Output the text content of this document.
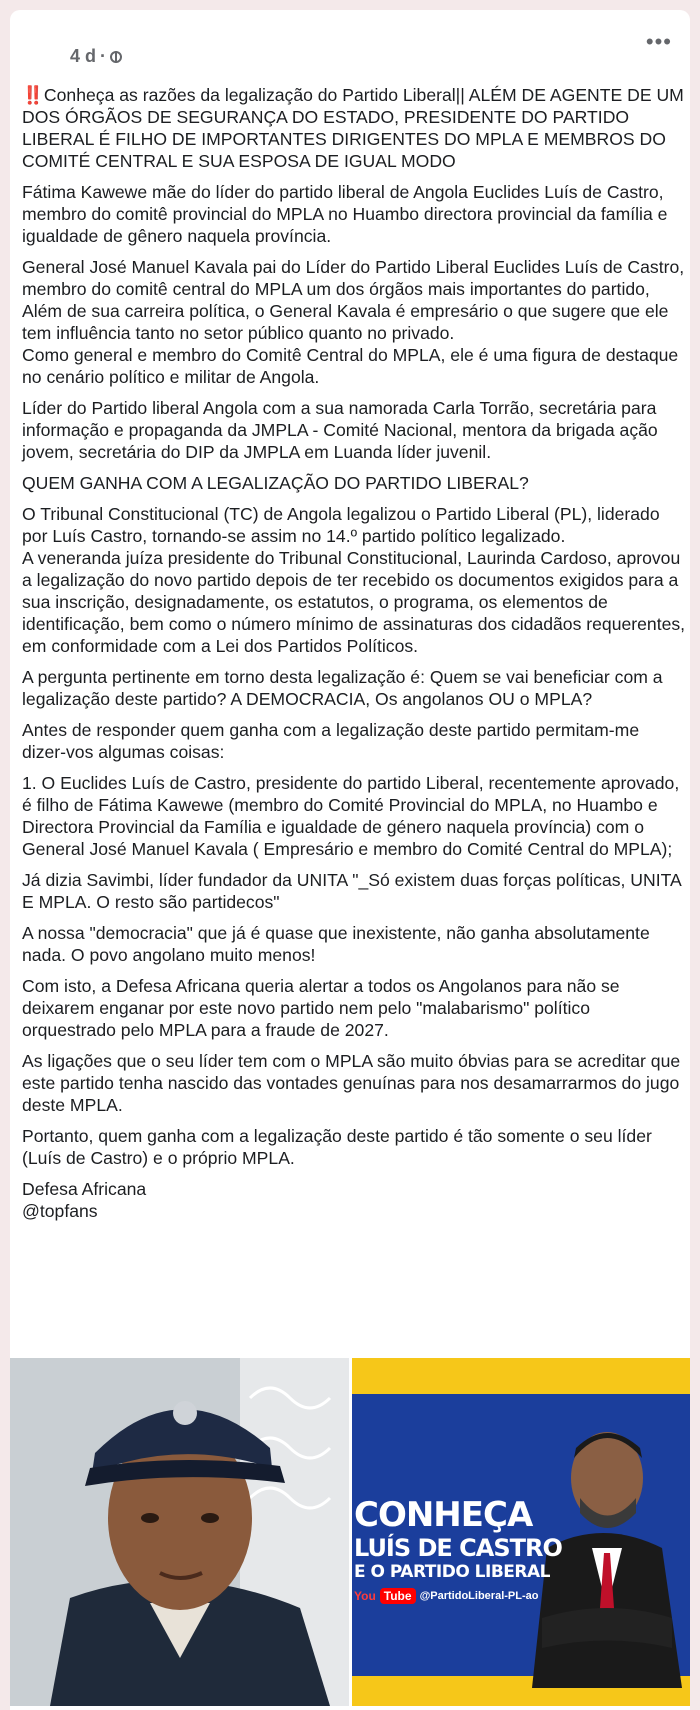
4 d ·
•••

‼️Conheça as razões da legalização do Partido Liberal|| ALÉM DE AGENTE DE UM DOS ÓRGÃOS DE SEGURANÇA DO ESTADO, PRESIDENTE DO PARTIDO LIBERAL É FILHO DE IMPORTANTES DIRIGENTES DO MPLA E MEMBROS DO COMITÉ CENTRAL E SUA ESPOSA DE IGUAL MODO

Fátima Kawewe mãe do líder do partido liberal de Angola Euclides Luís de Castro, membro do comitê provincial do MPLA no Huambo directora provincial da família e igualdade de gênero naquela província.

General José Manuel Kavala pai do Líder do Partido Liberal Euclides Luís de Castro, membro do comitê central do MPLA um dos órgãos mais importantes do partido, Além de sua carreira política, o General Kavala é empresário o que sugere que ele tem influência tanto no setor público quanto no privado.
Como general e membro do Comitê Central do MPLA, ele é uma figura de destaque no cenário político e militar de Angola.

Líder do Partido liberal Angola com a sua namorada Carla Torrão, secretária para informação e propaganda da JMPLA - Comité Nacional, mentora da brigada ação jovem, secretária do DIP da JMPLA em Luanda líder juvenil.

QUEM GANHA COM A LEGALIZAÇÃO DO PARTIDO LIBERAL?

O Tribunal Constitucional (TC) de Angola legalizou o Partido Liberal (PL), liderado por Luís Castro, tornando-se assim no 14.º partido político legalizado.
A veneranda juíza presidente do Tribunal Constitucional, Laurinda Cardoso, aprovou a legalização do novo partido depois de ter recebido os documentos exigidos para a sua inscrição, designadamente, os estatutos, o programa, os elementos de identificação, bem como o número mínimo de assinaturas dos cidadãos requerentes, em conformidade com a Lei dos Partidos Políticos.

A pergunta pertinente em torno desta legalização é: Quem se vai beneficiar com a legalização deste partido? A DEMOCRACIA, Os angolanos OU o MPLA?

Antes de responder quem ganha com a legalização deste partido permitam-me dizer-vos algumas coisas:

1. O Euclides Luís de Castro, presidente do partido Liberal, recentemente aprovado, é filho de Fátima Kawewe (membro do Comité Provincial do MPLA, no Huambo e Directora Provincial da Família e igualdade de género naquela província) com o General José Manuel Kavala ( Empresário e membro do Comité Central do MPLA);

Já dizia Savimbi, líder fundador da UNITA "_Só existem duas forças políticas, UNITA E MPLA. O resto são partidecos"

A nossa "democracia" que já é quase que inexistente, não ganha absolutamente nada. O povo angolano muito menos!

Com isto, a Defesa Africana queria alertar a todos os Angolanos para não se deixarem enganar por este novo partido nem pelo "malabarismo" político orquestrado pelo MPLA para a fraude de 2027.

As ligações que o seu líder tem com o MPLA são muito óbvias para se acreditar que este partido tenha nascido das vontades genuínas para nos desamarrarmos do jugo deste MPLA.

Portanto, quem ganha com a legalização deste partido é tão somente o seu líder (Luís de Castro) e o próprio MPLA.

Defesa Africana
@topfans

CONHEÇA
LUÍS DE CASTRO
E O PARTIDO LIBERAL
You Tube @PartidoLiberal-PL-ao
